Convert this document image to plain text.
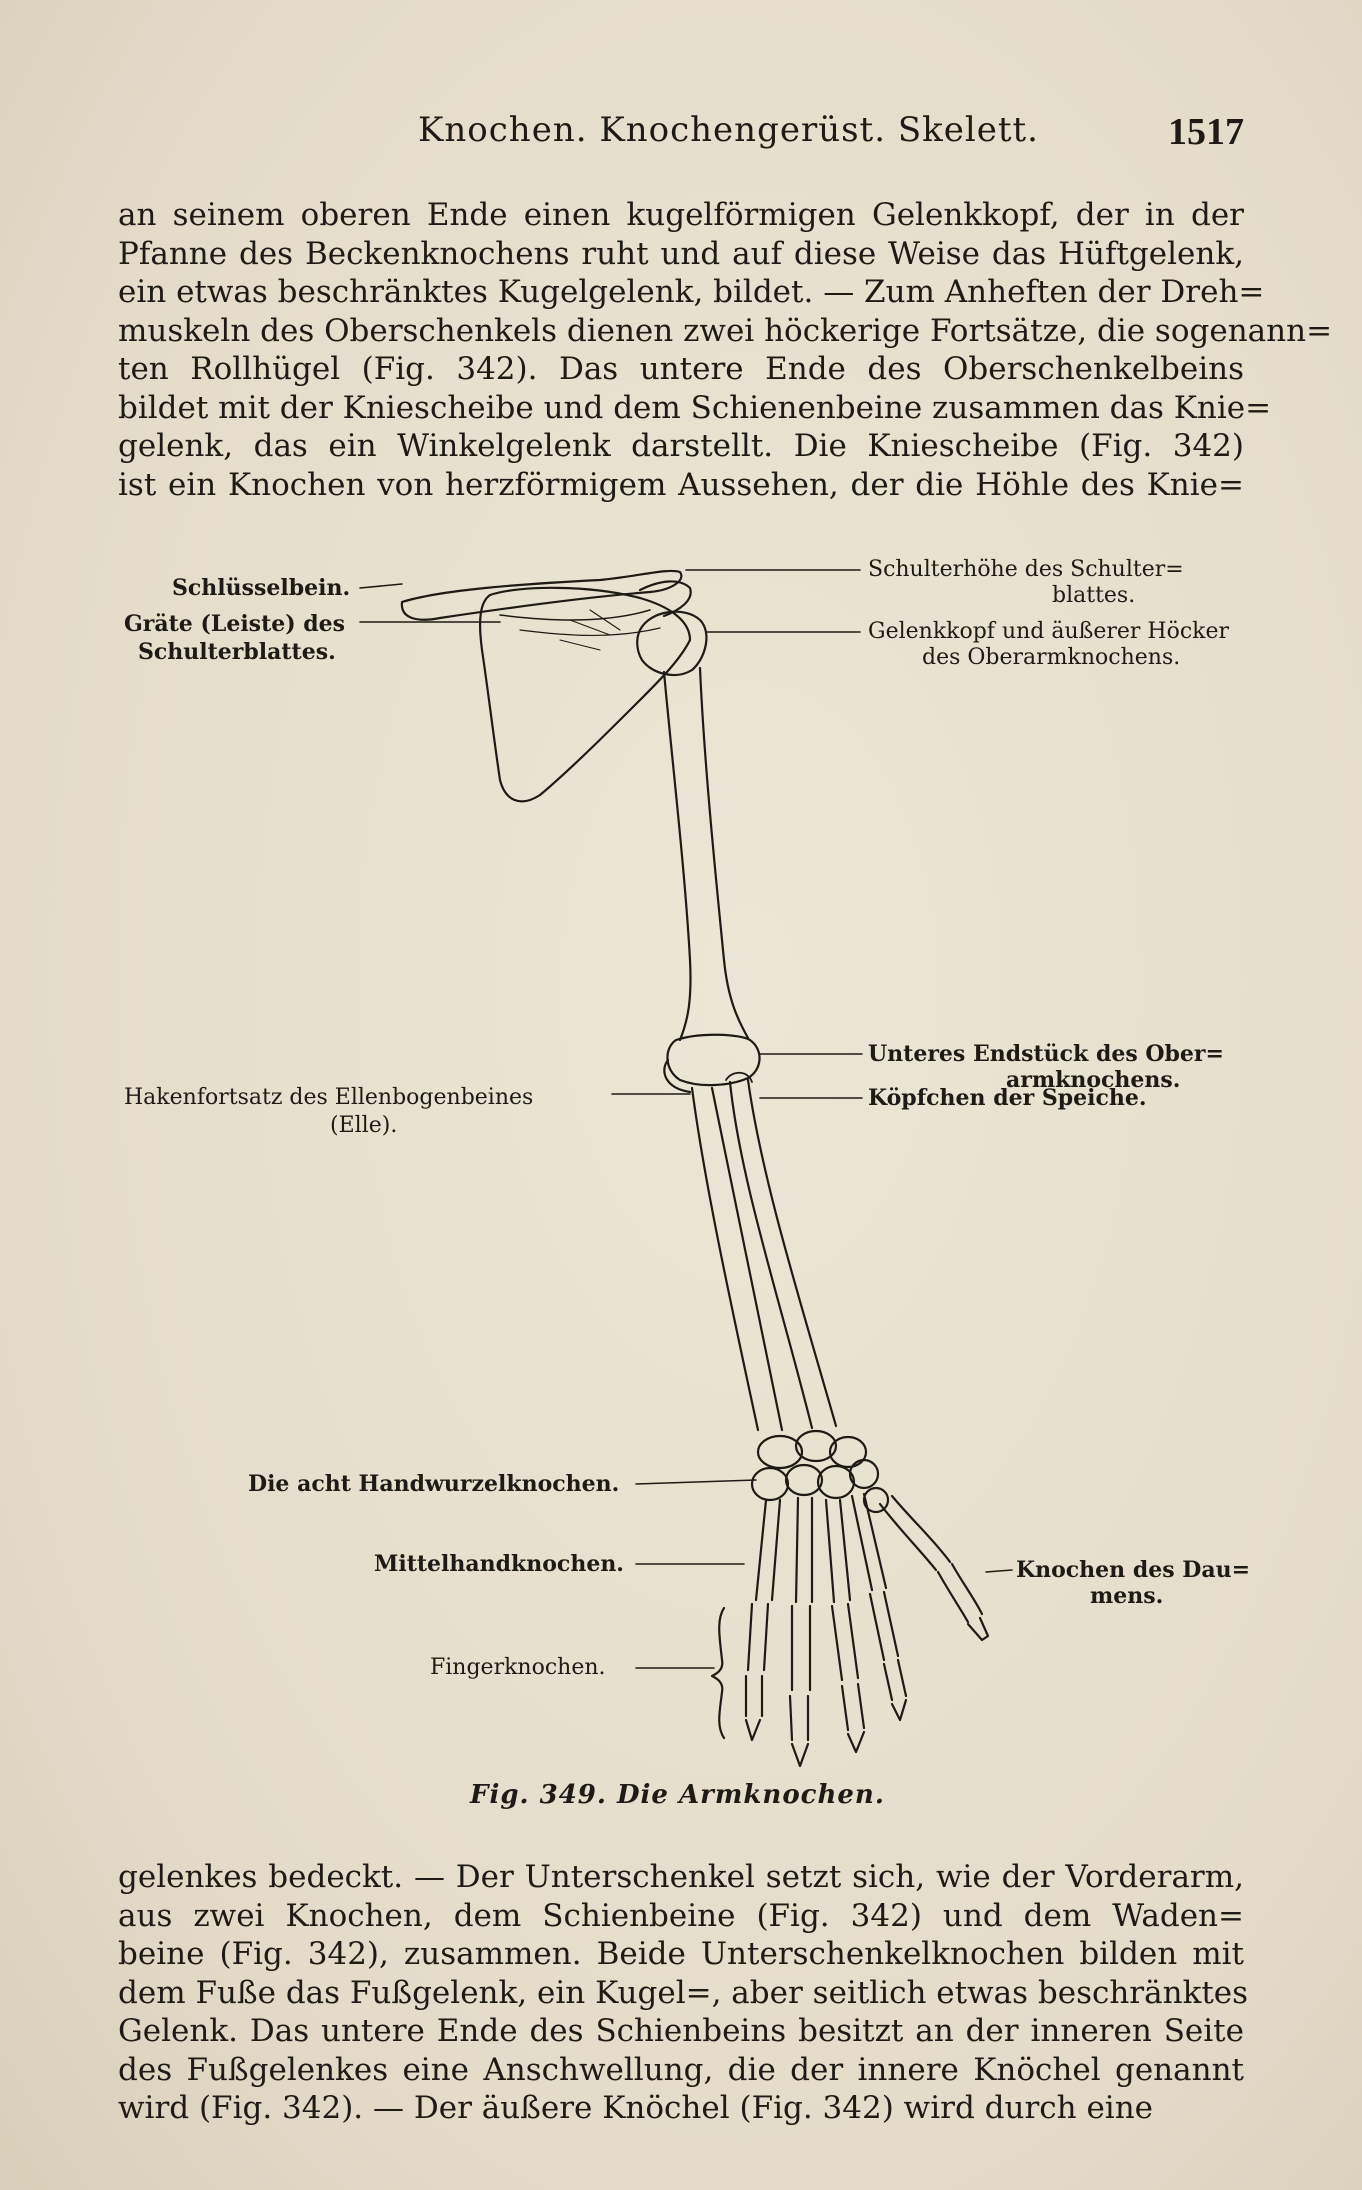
Knochen. Knochengerüst. Skelett.	1517
an seinem oberen Ende einen kugelförmigen Gelenkkopf, der in der
Pfanne des Beckenknochens ruht und auf diese Weise das Hüftgelenk,
ein etwas beschränktes Kugelgelenk, bildet. — Zum Anheften der Dreh=
muskeln des Oberschenkels dienen zwei höckerige Fortsätze, die sogenann=
ten Rollhügel (Fig. 342). Das untere Ende des Oberschenkelbeins
bildet mit der Kniescheibe und dem Schienenbeine zusammen das Knie=
gelenk, das ein Winkelgelenk darstellt. Die Kniescheibe (Fig. 342)
ist ein Knochen von herzförmigem Aussehen, der die Höhle des Knie=
Schlüsselbein.
Gräte (Leiste) des
Schulterblattes.
Schulterhöhe des Schulter=
blattes.
Gelenkkopf und äußerer Höcker
des Oberarmknochens.
Unteres Endstück des Ober=
armknochens.
Köpfchen der Speiche.
Hakenfortsatz des Ellenbogenbeines
(Elle).
Die acht Handwurzelknochen.
Mittelhandknochen.	Knochen des Dau=
mens.
Fingerknochen.
Fig. 349. Die Armknochen.
gelenkes bedeckt. — Der Unterschenkel setzt sich, wie der Vorderarm,
aus zwei Knochen, dem Schienbeine (Fig. 342) und dem Waden=
beine (Fig. 342), zusammen. Beide Unterschenkelknochen bilden mit
dem Fuße das Fußgelenk, ein Kugel=, aber seitlich etwas beschränktes
Gelenk. Das untere Ende des Schienbeins besitzt an der inneren Seite
des Fußgelenkes eine Anschwellung, die der innere Knöchel genannt
wird (Fig. 342). — Der äußere Knöchel (Fig. 342) wird durch eine
